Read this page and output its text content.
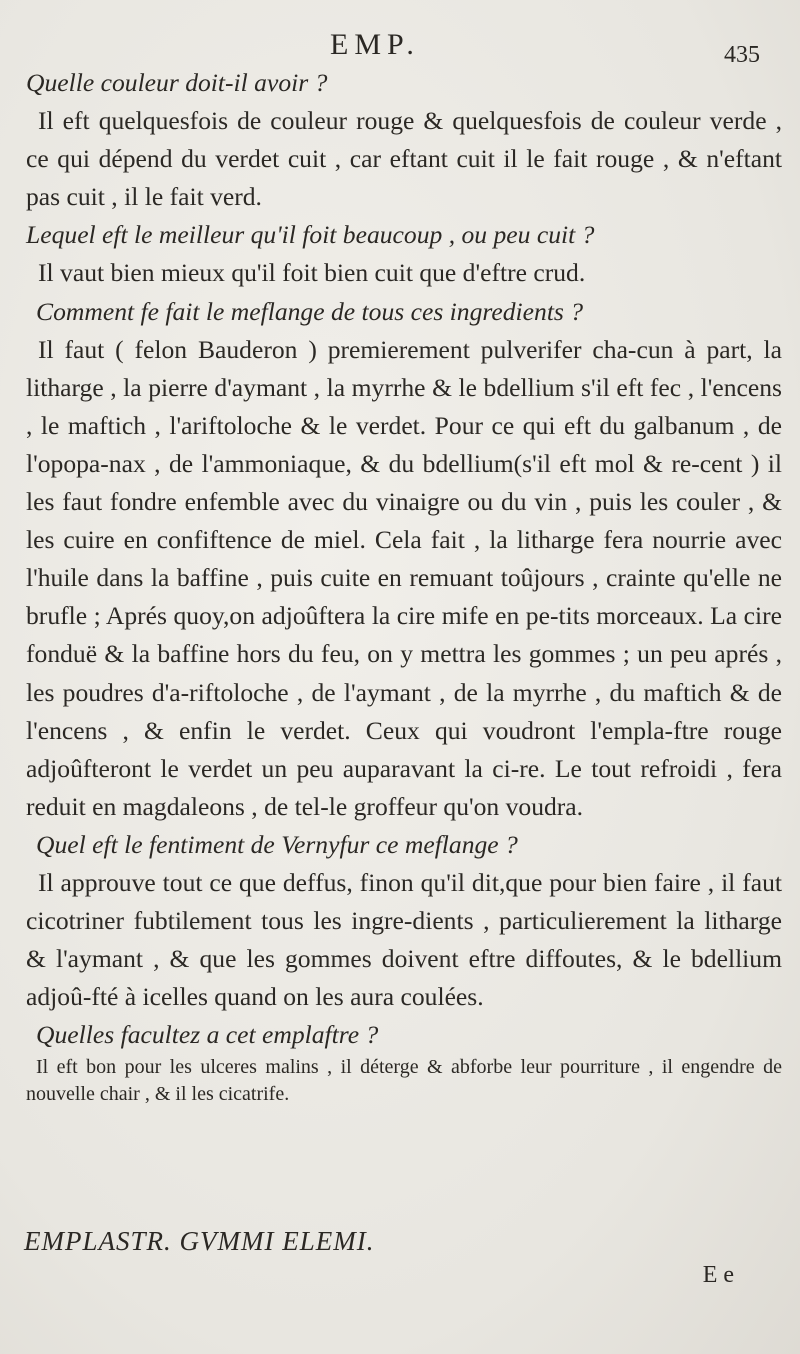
EMP.	435

Quelle couleur doit-il avoir ?

Il eft quelquesfois de couleur rouge & quelquesfois de couleur verde , ce qui dépend du verdet cuit , car eftant cuit il le fait rouge , & n'eftant pas cuit , il le fait verd.

Lequel eft le meilleur qu'il foit beaucoup , ou peu cuit ?

Il vaut bien mieux qu'il foit bien cuit que d'eftre crud.

Comment fe fait le meflange de tous ces ingredients ?

Il faut ( felon Bauderon ) premierement pulverifer cha-cun à part, la litharge , la pierre d'aymant , la myrrhe & le bdellium s'il eft fec , l'encens , le maftich , l'ariftoloche & le verdet. Pour ce qui eft du galbanum , de l'opopa-nax , de l'ammoniaque, & du bdellium(s'il eft mol & re-cent ) il les faut fondre enfemble avec du vinaigre ou du vin , puis les couler , & les cuire en confiftence de miel. Cela fait , la litharge fera nourrie avec l'huile dans la baffine , puis cuite en remuant toûjours , crainte qu'elle ne brufle ; Aprés quoy,on adjoûftera la cire mife en pe-tits morceaux. La cire fonduë & la baffine hors du feu, on y mettra les gommes ; un peu aprés , les poudres d'a-riftoloche , de l'aymant , de la myrrhe , du maftich & de l'encens , & enfin le verdet. Ceux qui voudront l'empla-ftre rouge adjoûfteront le verdet un peu auparavant la ci-re. Le tout refroidi , fera reduit en magdaleons , de tel-le groffeur qu'on voudra.

Quel eft le fentiment de Vernyfur ce meflange ?

Il approuve tout ce que deffus, finon qu'il dit,que pour bien faire , il faut cicotriner fubtilement tous les ingre-dients , particulierement la litharge & l'aymant , & que les gommes doivent eftre diffoutes, & le bdellium adjoû-fté à icelles quand on les aura coulées.

Quelles facultez a cet emplaftre ?

Il eft bon pour les ulceres malins , il déterge & abforbe leur pourriture , il engendre de nouvelle chair , & il les cicatrife.

EMPLASTR. GVMMI ELEMI.
E e
